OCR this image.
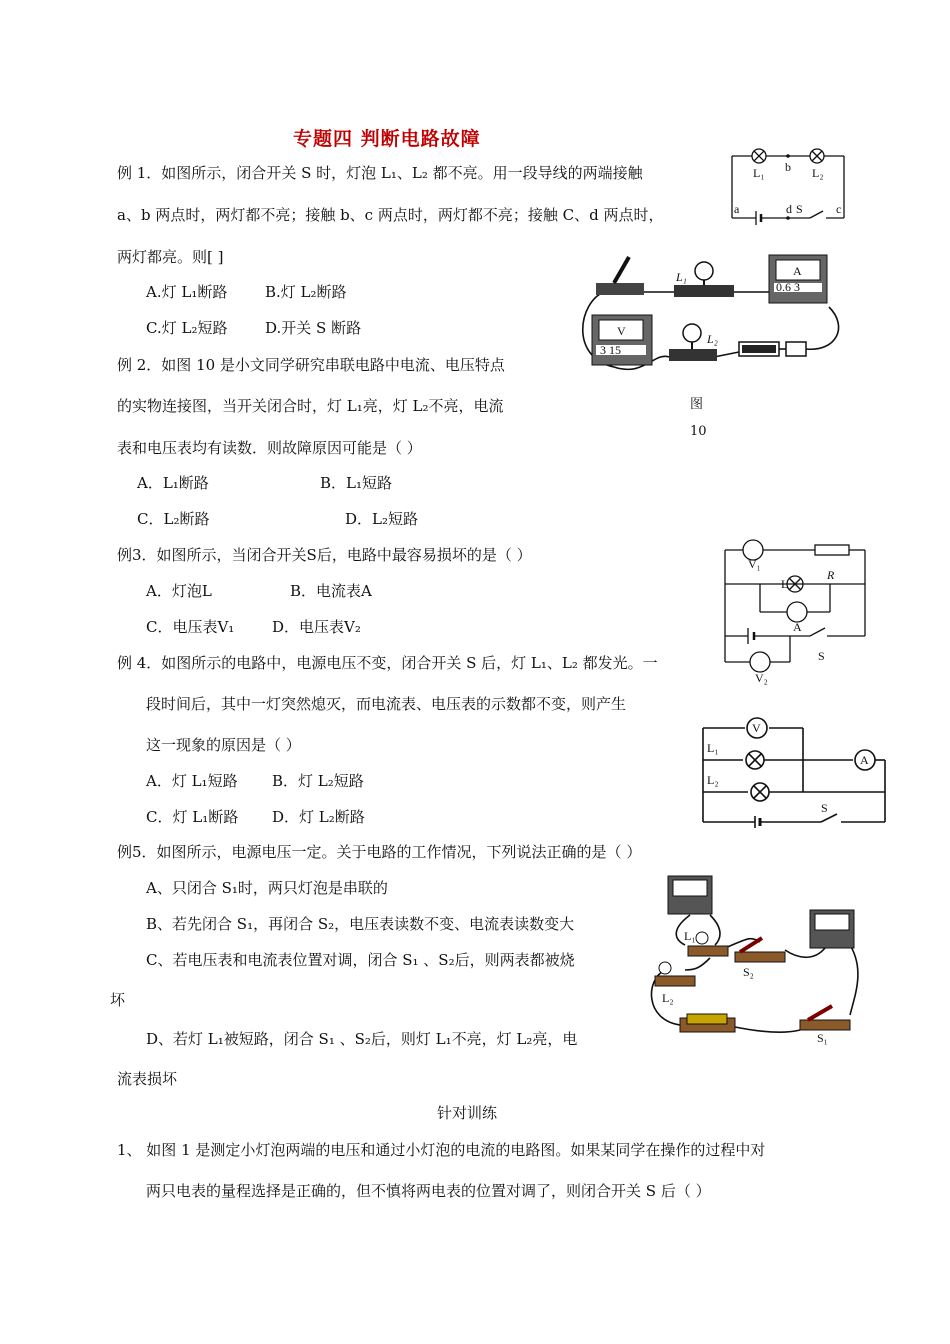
专题四 判断电路故障
例 1．如图所示，闭合开关 S 时，灯泡 L₁、L₂ 都不亮。用一段导线的两端接触
a、b 两点时，两灯都不亮；接触 b、c 两点时，两灯都不亮；接触 C、d 两点时，
两灯都亮。则[ ]
A.灯 L₁断路	B.灯 L₂断路
C.灯 L₂短路	D.开关 S 断路
L₁	L₂
b
a	d S	c
例 2．如图 10 是小文同学研究串联电路中电流、电压特点
的实物连接图，当开关闭合时，灯 L₁亮，灯 L₂不亮，电流
表和电压表均有读数．则故障原因可能是（ ）
A．L₁断路	B．L₁短路
C．L₂断路	D．L₂短路
图
10
L₁	A
0.6 3
V
3 15
L₂
例3．如图所示，当闭合开关S后，电路中最容易损坏的是（ ）
A．灯泡L	B．电流表A
C．电压表V₁	D．电压表V₂
V₁
R
L
A
S
V₂
例 4．如图所示的电路中，电源电压不变，闭合开关 S 后，灯 L₁、L₂ 都发光。一
段时间后，其中一灯突然熄灭，而电流表、电压表的示数都不变，则产生
这一现象的原因是（ ）
A．灯 L₁短路 B．灯 L₂短路
C．灯 L₁断路 D．灯 L₂断路
V
A
L₁
L₂
S
例5．如图所示，电源电压一定。关于电路的工作情况，下列说法正确的是（ ）
A、只闭合 S₁时，两只灯泡是串联的
B、若先闭合 S₁，再闭合 S₂，电压表读数不变、电流表读数变大
C、若电压表和电流表位置对调，闭合 S₁ 、S₂后，则两表都被烧
坏
D、若灯 L₁被短路，闭合 S₁ 、S₂后，则灯 L₁不亮，灯 L₂亮，电
流表损坏
L₁
S₂
L₂
S₁
针对训练
1、 如图 1 是测定小灯泡两端的电压和通过小灯泡的电流的电路图。如果某同学在操作的过程中对
两只电表的量程选择是正确的，但不慎将两电表的位置对调了，则闭合开关 S 后（ ）
